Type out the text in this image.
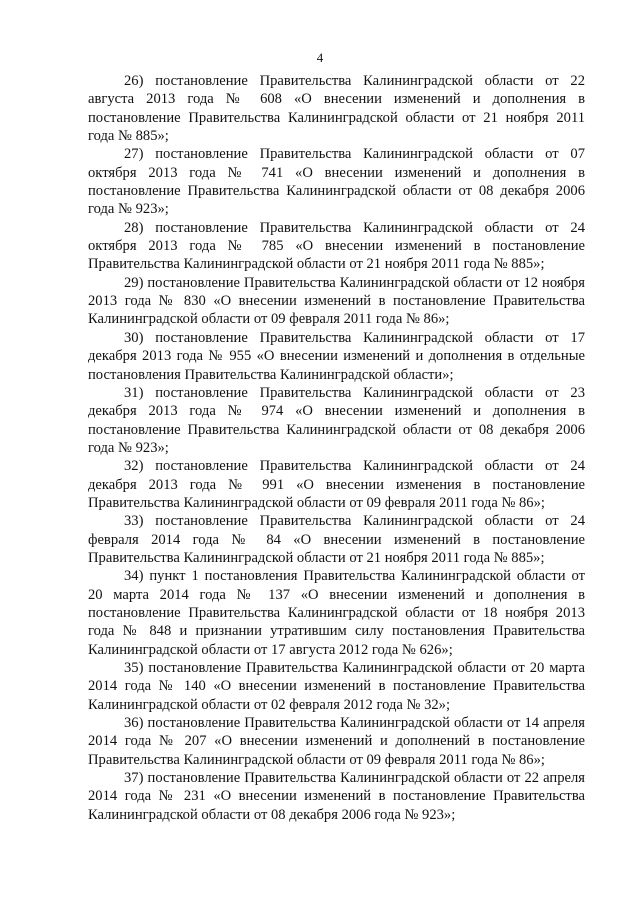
4

26) постановление Правительства Калининградской области от 22 августа 2013 года № 608 «О внесении изменений и дополнения в постановление Правительства Калининградской области от 21 ноября 2011 года № 885»;

27) постановление Правительства Калининградской области от 07 октября 2013 года № 741 «О внесении изменений и дополнения в постановление Правительства Калининградской области от 08 декабря 2006 года № 923»;

28) постановление Правительства Калининградской области от 24 октября 2013 года № 785 «О внесении изменений в постановление Правительства Калининградской области от 21 ноября 2011 года № 885»;

29) постановление Правительства Калининградской области от 12 ноября 2013 года № 830 «О внесении изменений в постановление Правительства Калининградской области от 09 февраля 2011 года № 86»;

30) постановление Правительства Калининградской области от 17 декабря 2013 года № 955 «О внесении изменений и дополнения в отдельные постановления Правительства Калининградской области»;

31) постановление Правительства Калининградской области от 23 декабря 2013 года № 974 «О внесении изменений и дополнения в постановление Правительства Калининградской области от 08 декабря 2006 года № 923»;

32) постановление Правительства Калининградской области от 24 декабря 2013 года № 991 «О внесении изменения в постановление Правительства Калининградской области от 09 февраля 2011 года № 86»;

33) постановление Правительства Калининградской области от 24 февраля 2014 года № 84 «О внесении изменений в постановление Правительства Калининградской области от 21 ноября 2011 года № 885»;

34) пункт 1 постановления Правительства Калининградской области от 20 марта 2014 года № 137 «О внесении изменений и дополнения в постановление Правительства Калининградской области от 18 ноября 2013 года № 848 и признании утратившим силу постановления Правительства Калининградской области от 17 августа 2012 года № 626»;

35) постановление Правительства Калининградской области от 20 марта 2014 года № 140 «О внесении изменений в постановление Правительства Калининградской области от 02 февраля 2012 года № 32»;

36) постановление Правительства Калининградской области от 14 апреля 2014 года № 207 «О внесении изменений и дополнений в постановление Правительства Калининградской области от 09 февраля 2011 года № 86»;

37) постановление Правительства Калининградской области от 22 апреля 2014 года № 231 «О внесении изменений в постановление Правительства Калининградской области от 08 декабря 2006 года № 923»;
